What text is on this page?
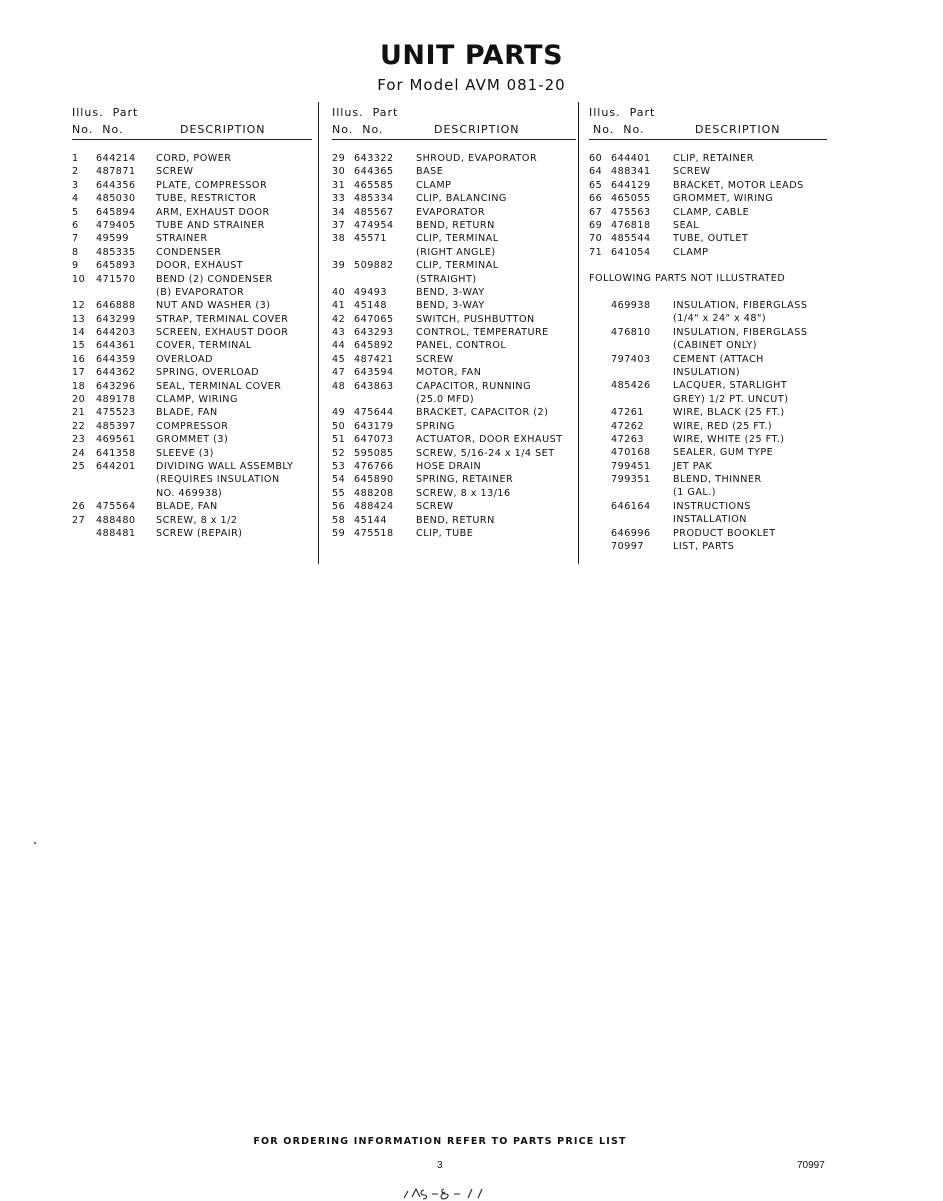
UNIT PARTS
For Model AVM 081-20
Illus. Part
No. No.	DESCRIPTION
1 644214 CORD, POWER
2 487871 SCREW
3 644356 PLATE, COMPRESSOR
4 485030 TUBE, RESTRICTOR
5 645894 ARM, EXHAUST DOOR
6 479405 TUBE AND STRAINER
7 49599	STRAINER
8 485335 CONDENSER
9 645893 DOOR, EXHAUST
10 471570 BEND (2) CONDENSER
(B) EVAPORATOR
12 646888 NUT AND WASHER (3)
13 643299 STRAP, TERMINAL COVER
14 644203 SCREEN, EXHAUST DOOR
15 644361 COVER, TERMINAL
16 644359 OVERLOAD
17 644362 SPRING, OVERLOAD
18 643296 SEAL, TERMINAL COVER
20 489178 CLAMP, WIRING
21 475523 BLADE, FAN
22 485397 COMPRESSOR
23 469561 GROMMET (3)
24 641358 SLEEVE (3)
25 644201 DIVIDING WALL ASSEMBLY
(REQUIRES INSULATION
NO. 469938)
26 475564 BLADE, FAN
27 488480 SCREW, 8 x 1/2
488481 SCREW (REPAIR)
Illus. Part
No. No.	DESCRIPTION
29 643322 SHROUD, EVAPORATOR
30 644365 BASE
31 465585 CLAMP
33 485334 CLIP, BALANCING
34 485567 EVAPORATOR
37 474954 BEND, RETURN
38 45571	CLIP, TERMINAL
(RIGHT ANGLE)
39 509882 CLIP, TERMINAL
(STRAIGHT)
40 49493	BEND, 3-WAY
41 45148	BEND, 3-WAY
42 647065 SWITCH, PUSHBUTTON
43 643293 CONTROL, TEMPERATURE
44 645892 PANEL, CONTROL
45 487421 SCREW
47 643594 MOTOR, FAN
48 643863 CAPACITOR, RUNNING
(25.0 MFD)
49 475644 BRACKET, CAPACITOR (2)
50 643179 SPRING
51 647073 ACTUATOR, DOOR EXHAUST
52 595085 SCREW, 5/16-24 x 1/4 SET
53 476766 HOSE DRAIN
54 645890 SPRING, RETAINER
55 488208 SCREW, 8 x 13/16
56 488424 SCREW
58 45144	BEND, RETURN
59 475518 CLIP, TUBE
Illus. Part
No. No.	DESCRIPTION
60 644401 CLIP, RETAINER
64 488341 SCREW
65 644129 BRACKET, MOTOR LEADS
66 465055 GROMMET, WIRING
67 475563 CLAMP, CABLE
69 476818 SEAL
70 485544 TUBE, OUTLET
71 641054 CLAMP
FOLLOWING PARTS NOT ILLUSTRATED
469938 INSULATION, FIBERGLASS
(1/4" x 24" x 48")
476810 INSULATION, FIBERGLASS
(CABINET ONLY)
797403 CEMENT (ATTACH
INSULATION)
485426 LACQUER, STARLIGHT
GREY) 1/2 PT. UNCUT)
47261	WIRE, BLACK (25 FT.)
47262	WIRE, RED (25 FT.)
47263	WIRE, WHITE (25 FT.)
470168 SEALER, GUM TYPE
799451 JET PAK
799351 BLEND, THINNER
(1 GAL.)
646164 INSTRUCTIONS
INSTALLATION
646996 PRODUCT BOOKLET
70997	LIST, PARTS
FOR ORDERING INFORMATION REFER TO PARTS PRICE LIST
3	70997
